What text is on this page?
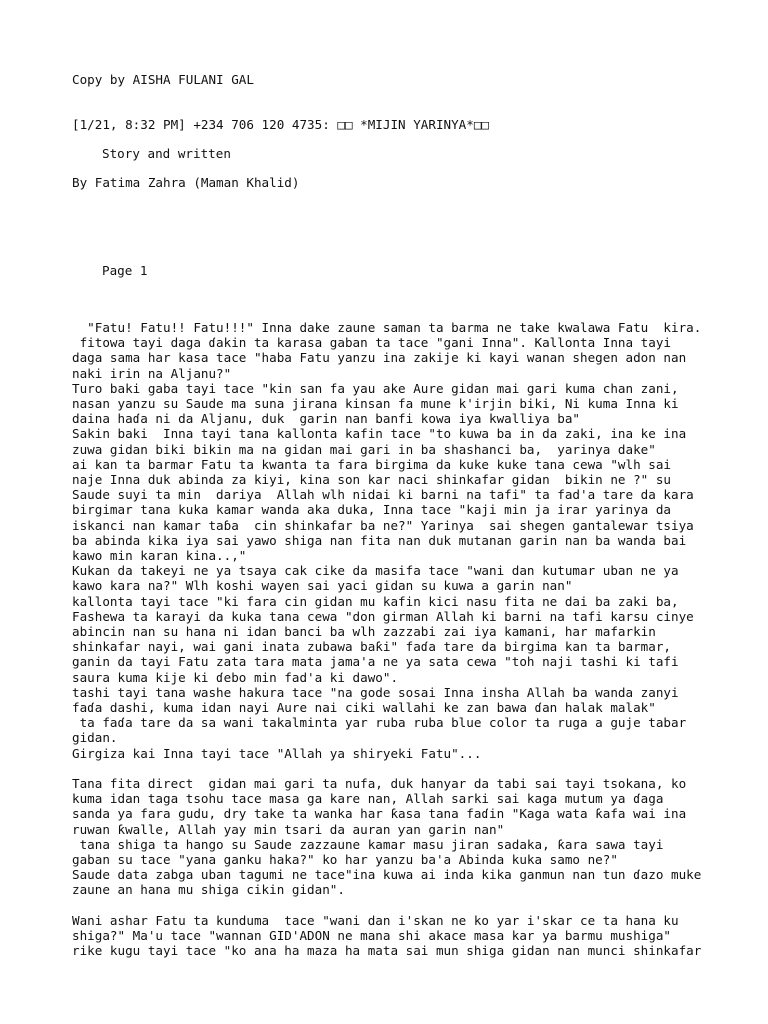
Copy by AISHA FULANI GAL
[1/21, 8:32 PM] +234 706 120 4735: □□ *MIJIN YARINYA*□□
Story and written
By Fatima Zahra (Maman Khalid)
Page 1
"Fatu! Fatu!! Fatu!!!" Inna dake zaune saman ta barma ne take kwalawa Fatu  kira.
fitowa tayi daga ɗakin ta karasa gaban ta tace "gani Inna". Kallonta Inna tayi
daga sama har kasa tace "haba Fatu yanzu ina zakije ki kayi wanan shegen adon nan
naki irin na Aljanu?"
Turo baki gaba tayi tace "kin san fa yau ake Aure gidan mai gari kuma chan zani,
nasan yanzu su Saude ma suna jirana kinsan fa mune k'irjin biki, Ni kuma Inna ki
daina haɗa ni da Aljanu, duk  garin nan banfi kowa iya kwalliya ba"
Sakin baki  Inna tayi tana kallonta kafin tace "to kuwa ba in da zaki, ina ke ina
zuwa gidan biki bikin ma na gidan mai gari in ba shashanci ba,  yarinya dake"
ai kan ta barmar Fatu ta kwanta ta fara birgima da kuke kuke tana cewa "wlh sai
naje Inna duk abinda za kiyi, kina son kar naci shinkafar gidan  bikin ne ?" su
Saude suyi ta min  dariya  Allah wlh nidai ki barni na tafi" ta fad'a tare da kara
birgimar tana kuka kamar wanda aka duka, Inna tace "kaji min ja irar yarinya da
iskanci nan kamar taɓa  cin shinkafar ba ne?" Yarinya  sai shegen gantalewar tsiya
ba abinda kika iya sai yawo shiga nan fita nan duk mutanan garin nan ba wanda bai
kawo min karan kina..,"
Kukan da takeyi ne ya tsaya cak cike da masifa tace "wani dan kutumar uban ne ya
kawo kara na?" Wlh koshi wayen sai yaci gidan su kuwa a garin nan"
kallonta tayi tace "ki fara cin gidan mu kafin kici nasu fita ne dai ba zaki ba,
Fashewa ta karayi da kuka tana cewa "don girman Allah ki barni na tafi karsu cinye
abincin nan su hana ni idan banci ba wlh zazzabi zai iya kamani, har mafarkin
shinkafar nayi, wai gani inata zubawa baƙi" faɗa tare da birgima kan ta barmar,
ganin da tayi Fatu zata tara mata jama'a ne ya sata cewa "toh naji tashi ki tafi
saura kuma kije ki ɗebo min fad'a ki dawo".
tashi tayi tana washe hakura tace "na gode sosai Inna insha Allah ba wanda zanyi
faɗa dashi, kuma idan nayi Aure nai ciki wallahi ke zan bawa ɗan halak malak"
ta faɗa tare da sa wani takalminta yar ruba ruba blue color ta ruga a guje tabar
gidan.
Girgiza kai Inna tayi tace "Allah ya shiryeki Fatu"...
Tana fita direct  gidan mai gari ta nufa, duk hanyar da tabi sai tayi tsokana, ko
kuma idan taga tsohu tace masa ga kare nan, Allah sarki sai kaga mutum ya ɗaga
sanda ya fara gudu, dry take ta wanka har ƙasa tana faɗin "Kaga wata ƙafa wai ina
ruwan ƙwalle, Allah yay min tsari da auran ƴan garin nan"
tana shiga ta hango su Saude zazzaune kamar masu jiran sadaka, ƙara sawa tayi
gaban su tace "yana ganku haka?" ko har yanzu ba'a Abinda kuka samo ne?"
Saude data zabga uban tagumi ne tace"ina kuwa ai inda kika ganmun nan tun ɗazo muke
zaune an hana mu shiga cikin gidan".
Wani ashar Fatu ta kunduma  tace "wani dan i'skan ne ko yar i'skar ce ta hana ku
shiga?" Ma'u tace "wannan GID'ADON ne mana shi akace masa kar ya barmu mushiga"
rike kugu tayi tace "ko ana ha maza ha mata sai mun shiga gidan nan munci shinkafar
